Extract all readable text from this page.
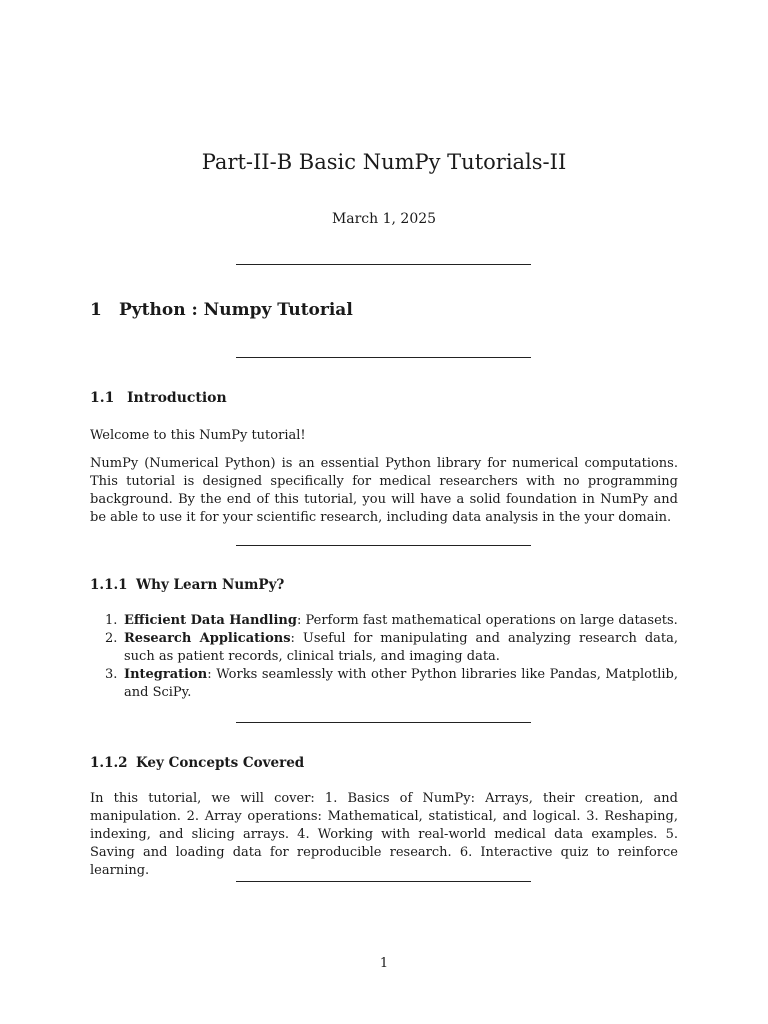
Part-II-B Basic NumPy Tutorials-II
March 1, 2025
1 Python : Numpy Tutorial
1.1 Introduction

Welcome to this NumPy tutorial!

NumPy (Numerical Python) is an essential Python library for numerical computations. This tutorial is designed specifically for medical researchers with no programming background. By the end of this tutorial, you will have a solid foundation in NumPy and be able to use it for your scientific research, including data analysis in the your domain.

1.1.1 Why Learn NumPy?
1. Efficient Data Handling: Perform fast mathematical operations on large datasets.
2. Research Applications: Useful for manipulating and analyzing research data, such as patient records, clinical trials, and imaging data.
3. Integration: Works seamlessly with other Python libraries like Pandas, Matplotlib, and SciPy.
1.1.2 Key Concepts Covered

In this tutorial, we will cover: 1. Basics of NumPy: Arrays, their creation, and manipulation. 2. Array operations: Mathematical, statistical, and logical. 3. Reshaping, indexing, and slicing arrays. 4. Working with real-world medical data examples. 5. Saving and loading data for reproducible research. 6. Interactive quiz to reinforce learning.

1
